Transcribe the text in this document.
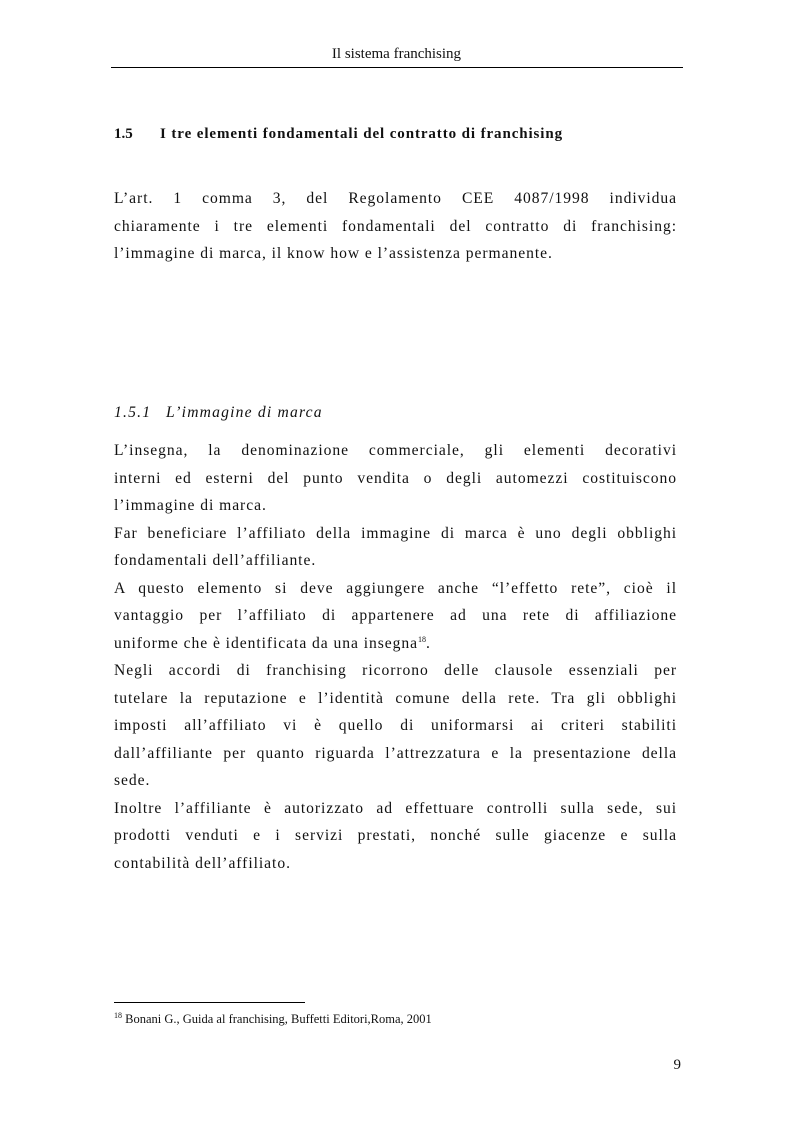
Il sistema franchising
1.5 I tre elementi fondamentali del contratto di franchising
L’art. 1 comma 3, del Regolamento CEE 4087/1998 individua
chiaramente i tre elementi fondamentali del contratto di franchising:
l’immagine di marca, il know how e l’assistenza permanente.
1.5.1 L’immagine di marca

L’insegna, la denominazione commerciale, gli elementi decorativi
interni ed esterni del punto vendita o degli automezzi costituiscono
l’immagine di marca.

Far beneficiare l’affiliato della immagine di marca è uno degli obblighi
fondamentali dell’affiliante.

A questo elemento si deve aggiungere anche “l’effetto rete”, cioè il
vantaggio per l’affiliato di appartenere ad una rete di affiliazione
uniforme che è identificata da una insegna$^{18}$.

Negli accordi di franchising ricorrono delle clausole essenziali per
tutelare la reputazione e l’identità comune della rete. Tra gli obblighi
imposti all’affiliato vi è quello di uniformarsi ai criteri stabiliti
dall’affiliante per quanto riguarda l’attrezzatura e la presentazione della
sede.

Inoltre l’affiliante è autorizzato ad effettuare controlli sulla sede, sui
prodotti venduti e i servizi prestati, nonché sulle giacenze e sulla
contabilità dell’affiliato.

$^{18}$ Bonani G., Guida al franchising, Buffetti Editori,Roma, 2001
9
